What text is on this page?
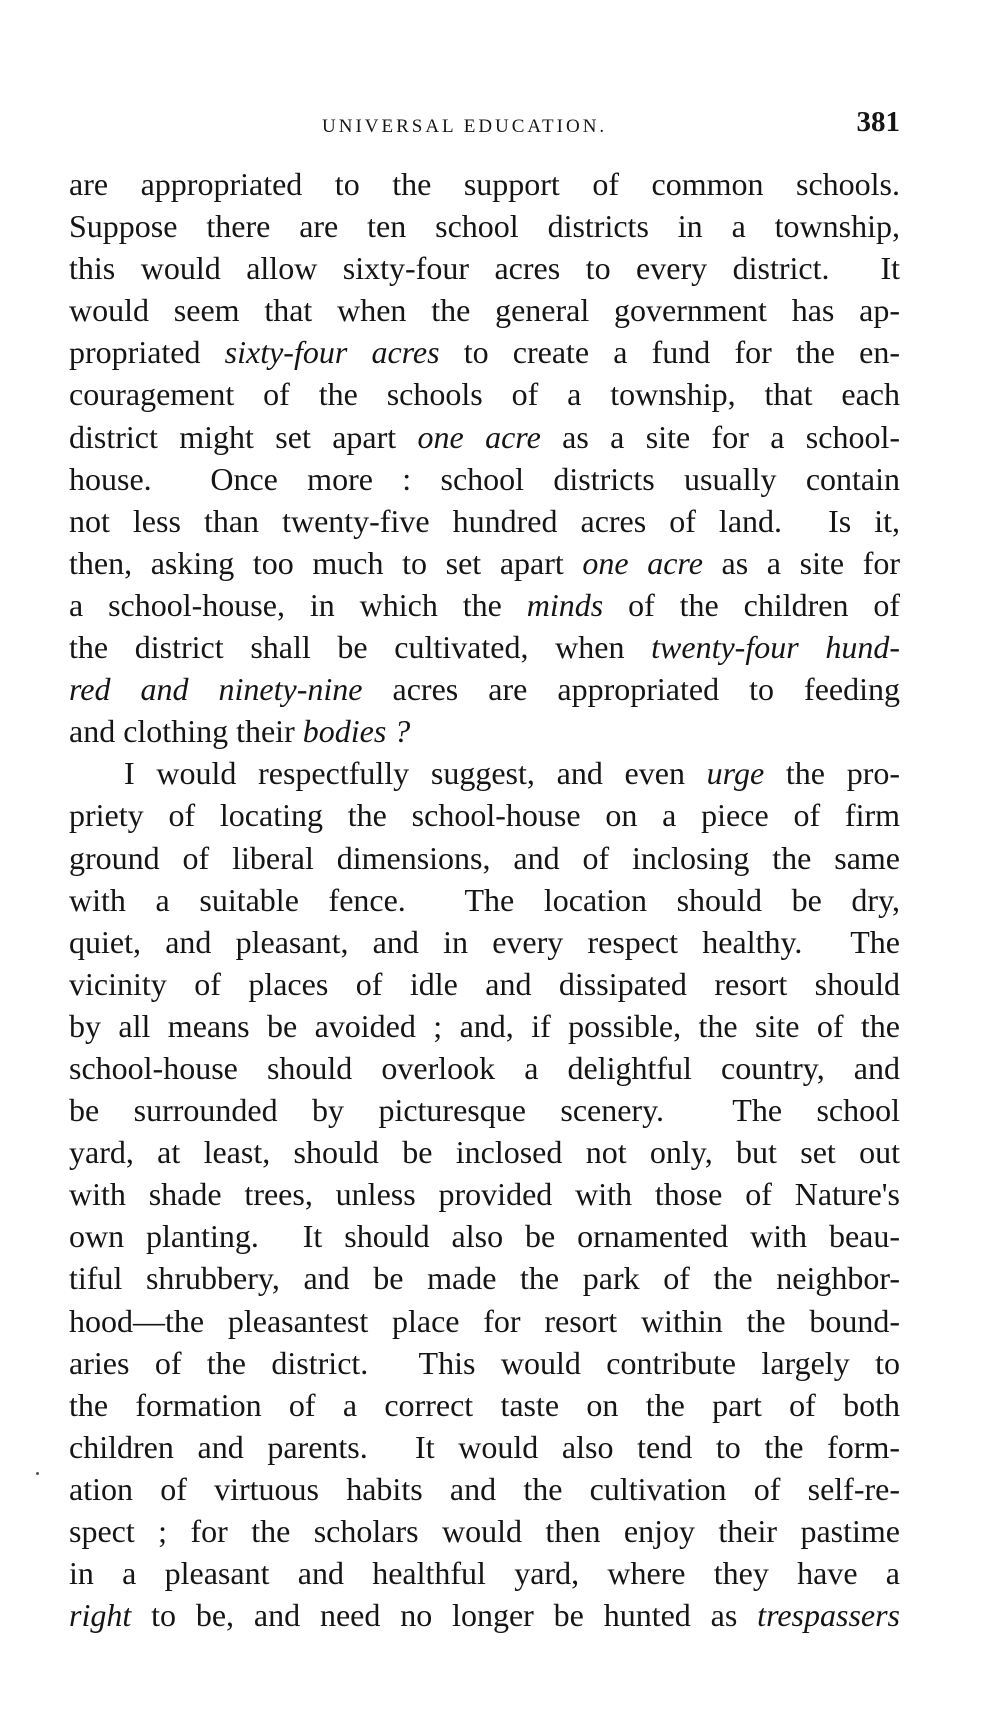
UNIVERSAL EDUCATION.	381
are appropriated to the support of common schools.
Suppose there are ten school districts in a township,
this would allow sixty-four acres to every district.  It
would seem that when the general government has ap-
propriated sixty-four acres to create a fund for the en-
couragement of the schools of a township, that each
district might set apart one acre as a site for a school-
house.  Once more : school districts usually contain
not less than twenty-five hundred acres of land.  Is it,
then, asking too much to set apart one acre as a site for
a school-house, in which the minds of the children of
the district shall be cultivated, when twenty-four hund-
red and ninety-nine acres are appropriated to feeding
and clothing their bodies ?
I would respectfully suggest, and even urge the pro-
priety of locating the school-house on a piece of firm
ground of liberal dimensions, and of inclosing the same
with a suitable fence.  The location should be dry,
quiet, and pleasant, and in every respect healthy.  The
vicinity of places of idle and dissipated resort should
by all means be avoided ; and, if possible, the site of the
school-house should overlook a delightful country, and
be surrounded by picturesque scenery.  The school
yard, at least, should be inclosed not only, but set out
with shade trees, unless provided with those of Nature's
own planting.  It should also be ornamented with beau-
tiful shrubbery, and be made the park of the neighbor-
hood—the pleasantest place for resort within the bound-
aries of the district.  This would contribute largely to
the formation of a correct taste on the part of both
children and parents.  It would also tend to the form-
ation of virtuous habits and the cultivation of self-re-
spect ; for the scholars would then enjoy their pastime
in a pleasant and healthful yard, where they have a
right to be, and need no longer be hunted as trespassers
